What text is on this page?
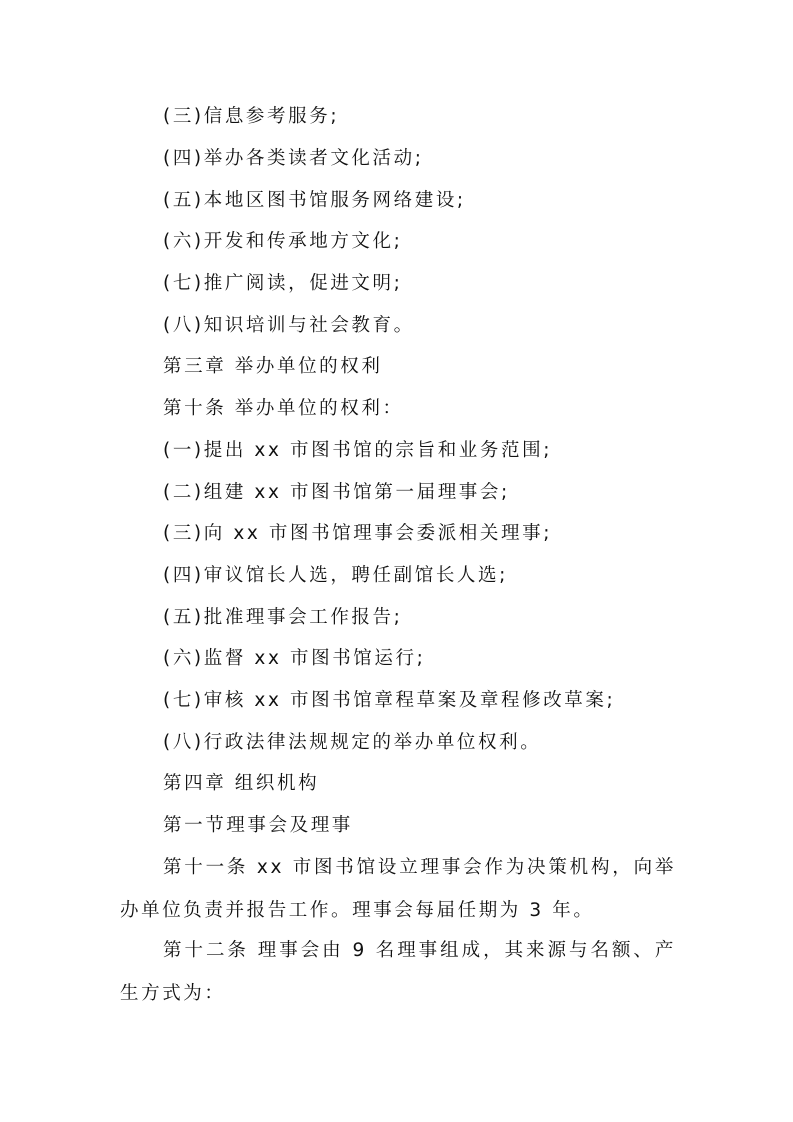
(三)信息参考服务;
(四)举办各类读者文化活动;
(五)本地区图书馆服务网络建设;
(六)开发和传承地方文化;
(七)推广阅读，促进文明;
(八)知识培训与社会教育。
第三章 举办单位的权利
第十条 举办单位的权利：
(一)提出 xx 市图书馆的宗旨和业务范围;
(二)组建 xx 市图书馆第一届理事会;
(三)向 xx 市图书馆理事会委派相关理事;
(四)审议馆长人选，聘任副馆长人选;
(五)批准理事会工作报告;
(六)监督 xx 市图书馆运行;
(七)审核 xx 市图书馆章程草案及章程修改草案;
(八)行政法律法规规定的举办单位权利。
第四章 组织机构
第一节理事会及理事
第十一条 xx 市图书馆设立理事会作为决策机构，向举办单位负责并报告工作。理事会每届任期为 3 年。
第十二条 理事会由 9 名理事组成，其来源与名额、产生方式为：
